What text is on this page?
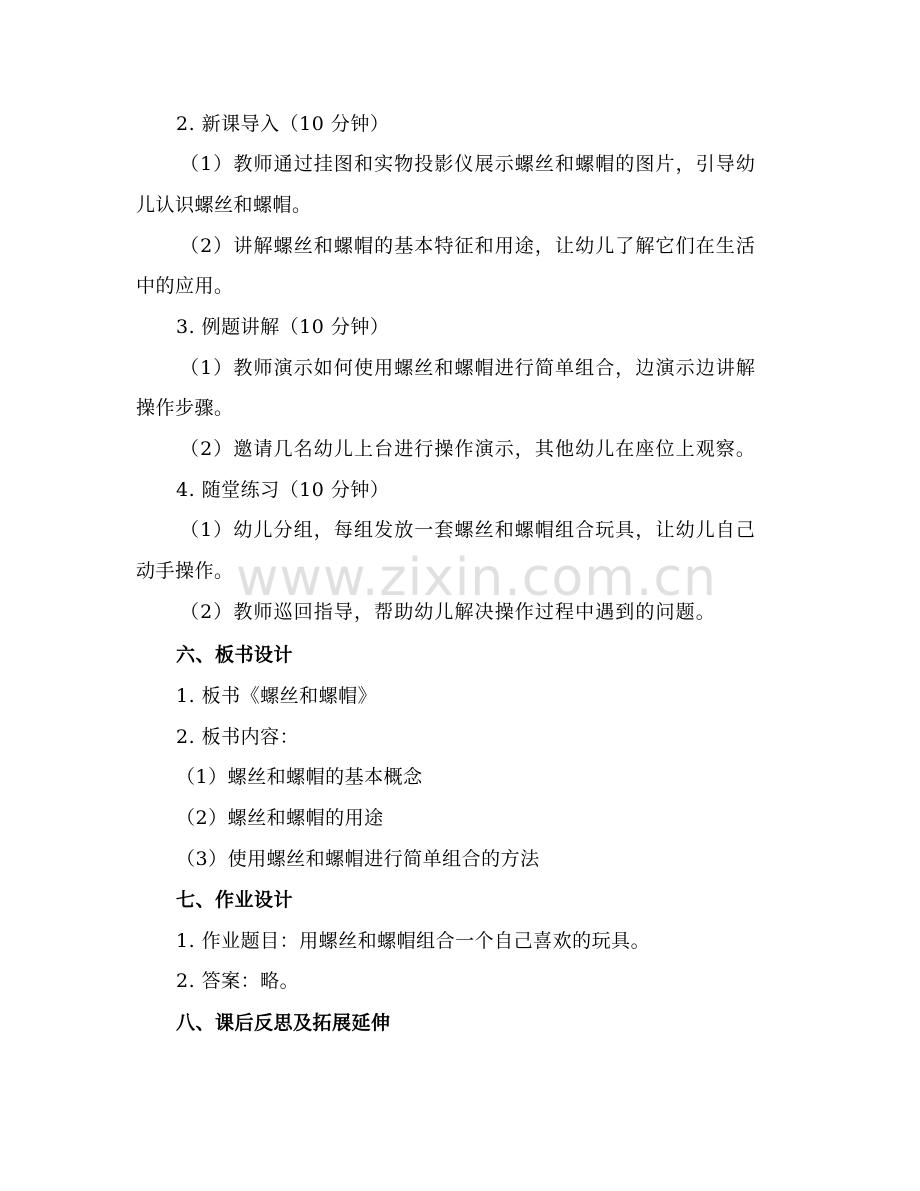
2. 新课导入（10 分钟）
（1）教师通过挂图和实物投影仪展示螺丝和螺帽的图片，引导幼
儿认识螺丝和螺帽。
（2）讲解螺丝和螺帽的基本特征和用途，让幼儿了解它们在生活
中的应用。
3. 例题讲解（10 分钟）
（1）教师演示如何使用螺丝和螺帽进行简单组合，边演示边讲解
操作步骤。
（2）邀请几名幼儿上台进行操作演示，其他幼儿在座位上观察。
4. 随堂练习（10 分钟）
（1）幼儿分组，每组发放一套螺丝和螺帽组合玩具，让幼儿自己
动手操作。
（2）教师巡回指导，帮助幼儿解决操作过程中遇到的问题。
六、板书设计
1. 板书《螺丝和螺帽》
2. 板书内容：
（1）螺丝和螺帽的基本概念
（2）螺丝和螺帽的用途
（3）使用螺丝和螺帽进行简单组合的方法
七、作业设计
1. 作业题目：用螺丝和螺帽组合一个自己喜欢的玩具。
2. 答案：略。
八、课后反思及拓展延伸
www.zixin.com.cn
